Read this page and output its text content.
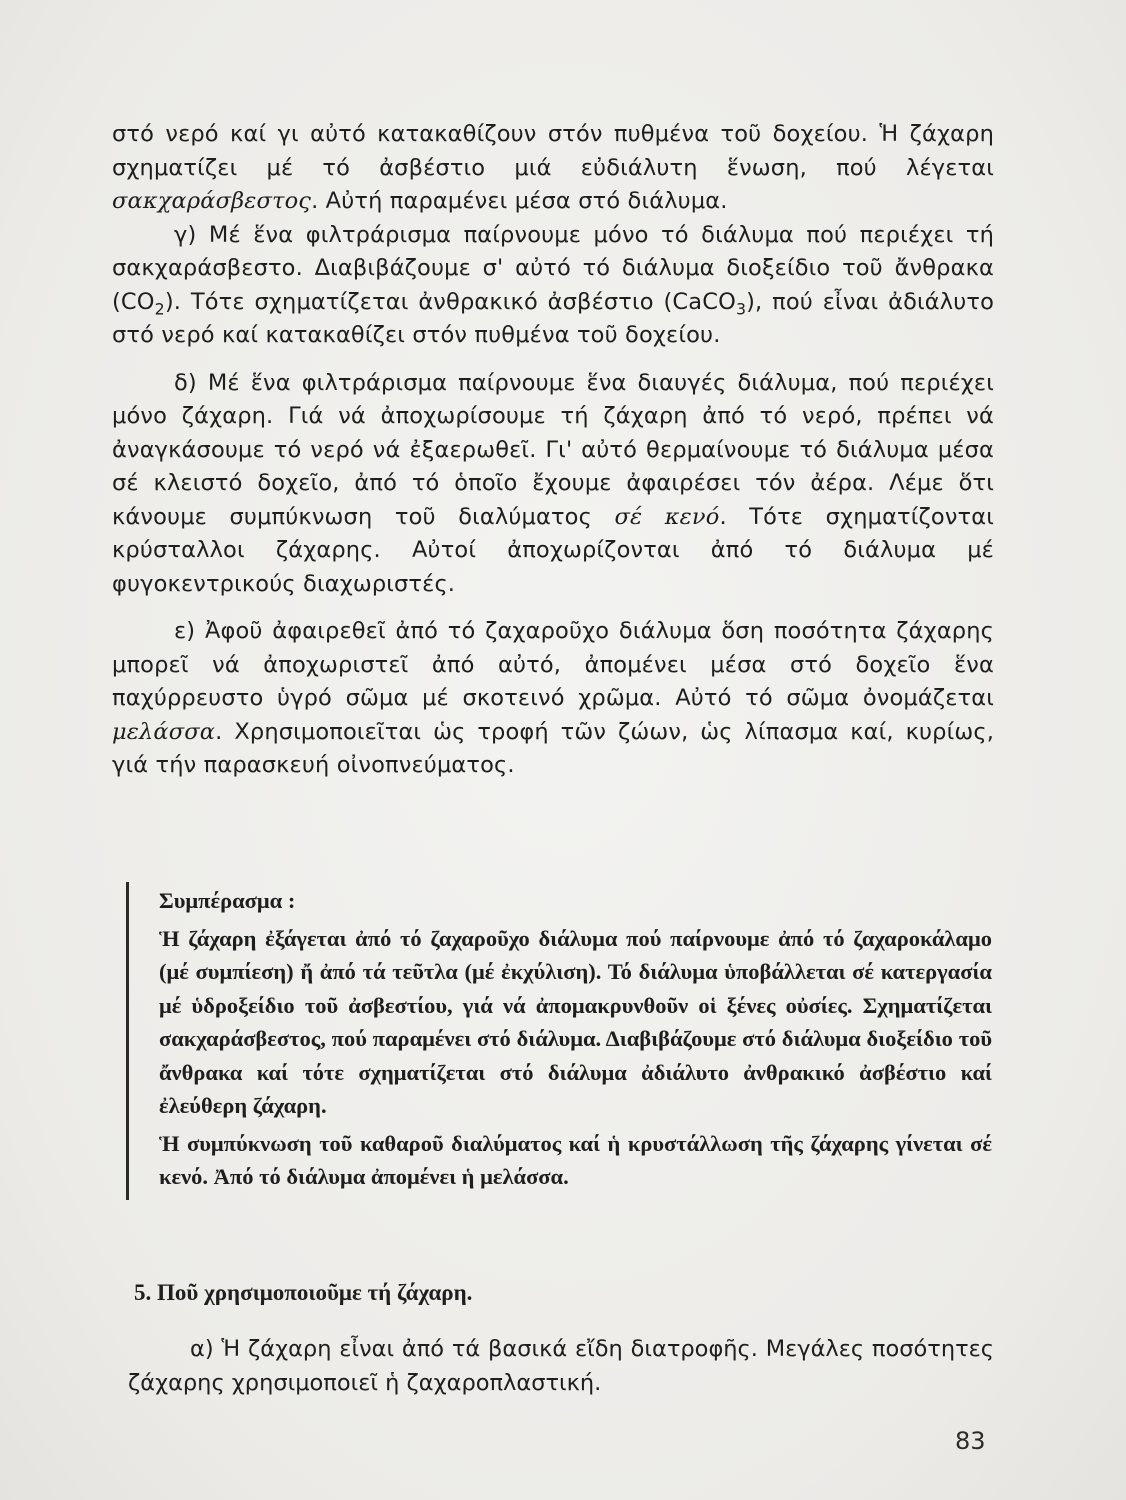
στό νερό καί γι αὐτό κατακαθίζουν στόν πυθμένα τοῦ δοχείου. Ἡ ζάχαρη σχηματίζει μέ τό ἀσβέστιο μιά εὐδιάλυτη ἕνωση, πού λέγεται σακχαράσβεστος. Αὐτή παραμένει μέσα στό διάλυμα.

γ) Μέ ἕνα φιλτράρισμα παίρνουμε μόνο τό διάλυμα πού περιέχει τή σακχαράσβεστο. Διαβιβάζουμε σ' αὐτό τό διάλυμα διοξείδιο τοῦ ἄνθρακα $(CO_2)$. Τότε σχηματίζεται ἀνθρακικό ἀσβέστιο (CaCO$_3$), πού εἶναι ἀδιάλυτο στό νερό καί κατακαθίζει στόν πυθμένα τοῦ δοχείου.

δ) Μέ ἕνα φιλτράρισμα παίρνουμε ἕνα διαυγές διάλυμα, πού περιέχει μόνο ζάχαρη. Γιά νά ἀποχωρίσουμε τή ζάχαρη ἀπό τό νερό, πρέπει νά ἀναγκάσουμε τό νερό νά ἐξαερωθεῖ. Γι' αὐτό θερμαίνουμε τό διάλυμα μέσα σέ κλειστό δοχεῖο, ἀπό τό ὁποῖο ἔχουμε ἀφαιρέσει τόν ἀέρα. Λέμε ὅτι κάνουμε συμπύκνωση τοῦ διαλύματος σέ κενό. Τότε σχηματίζονται κρύσταλλοι ζάχαρης. Αὐτοί ἀποχωρίζονται ἀπό τό διάλυμα μέ φυγοκεντρικούς διαχωριστές.

ε) Ἀφοῦ ἀφαιρεθεῖ ἀπό τό ζαχαροῦχο διάλυμα ὅση ποσότητα ζάχαρης μπορεῖ νά ἀποχωριστεῖ ἀπό αὐτό, ἀπομένει μέσα στό δοχεῖο ἕνα παχύρρευστο ὑγρό σῶμα μέ σκοτεινό χρῶμα. Αὐτό τό σῶμα ὀνομάζεται μελάσσα. Χρησιμοποιεῖται ὡς τροφή τῶν ζώων, ὡς λίπασμα καί, κυρίως, γιά τήν παρασκευή οἰνοπνεύματος.

Συμπέρασμα :

Ἡ ζάχαρη ἐξάγεται ἀπό τό ζαχαροῦχο διάλυμα πού παίρνουμε ἀπό τό ζαχαροκάλαμο (μέ συμπίεση) ἤ ἀπό τά τεῦτλα (μέ ἐκχύλιση). Τό διάλυμα ὑποβάλλεται σέ κατεργασία μέ ὑδροξείδιο τοῦ ἀσβεστίου, γιά νά ἀπομακρυνθοῦν οἱ ξένες οὐσίες. Σχηματίζεται σακχαράσβεστος, πού παραμένει στό διάλυμα. Διαβιβάζουμε στό διάλυμα διοξείδιο τοῦ ἄνθρακα καί τότε σχηματίζεται στό διάλυμα ἀδιάλυτο ἀνθρακικό ἀσβέστιο καί ἐλεύθερη ζάχαρη.

Ἡ συμπύκνωση τοῦ καθαροῦ διαλύματος καί ἡ κρυστάλλωση τῆς ζάχαρης γίνεται σέ κενό. Ἀπό τό διάλυμα ἀπομένει ἡ μελάσσα.

5. Ποῦ χρησιμοποιοῦμε τή ζάχαρη.

α) Ἡ ζάχαρη εἶναι ἀπό τά βασικά εἴδη διατροφῆς. Μεγάλες ποσότητες ζάχαρης χρησιμοποιεῖ ἡ ζαχαροπλαστική.

83
